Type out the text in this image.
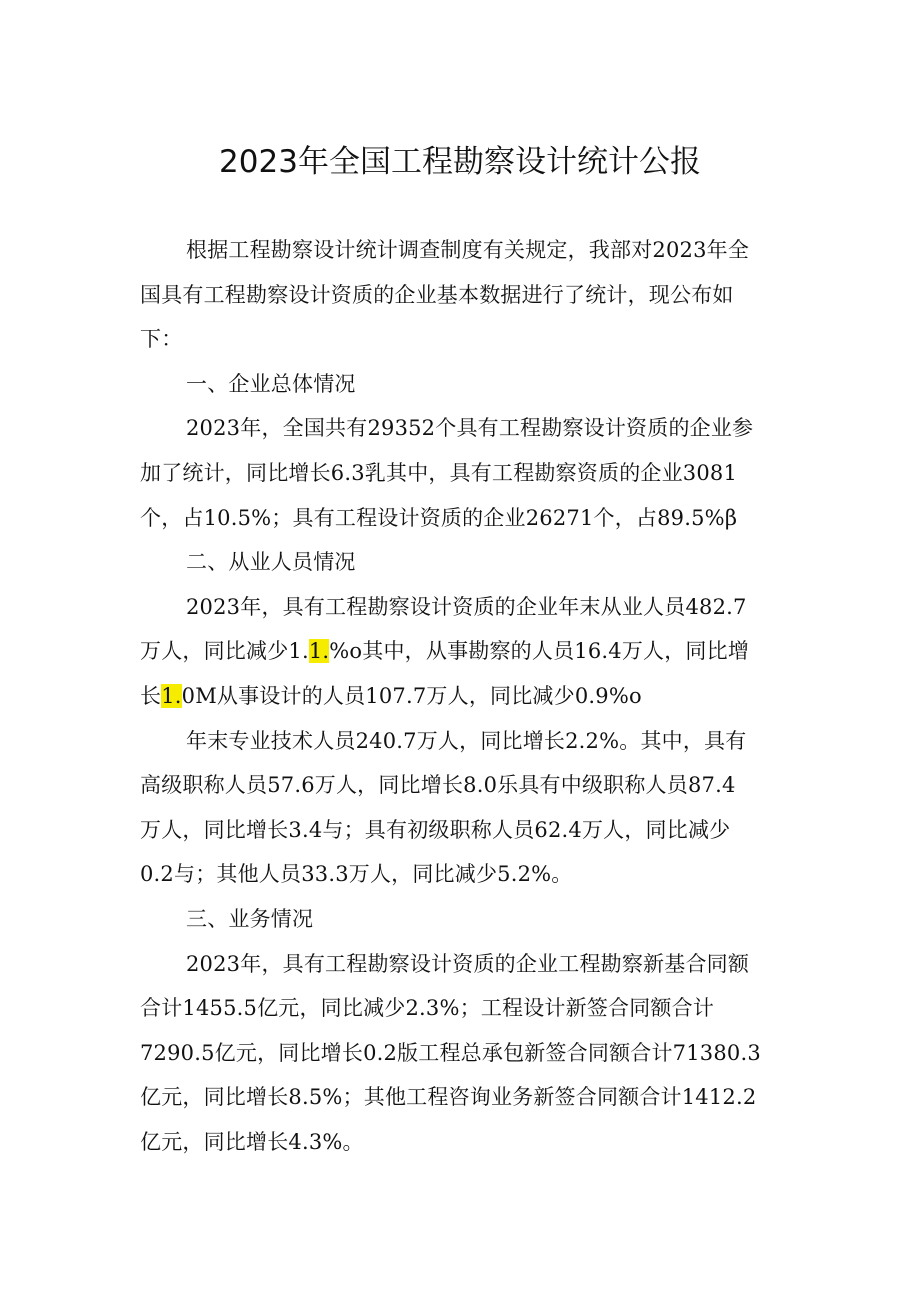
2023年全国工程勘察设计统计公报
根据工程勘察设计统计调查制度有关规定，我部对2023年全
国具有工程勘察设计资质的企业基本数据进行了统计，现公布如
下：
一、企业总体情况
2023年，全国共有29352个具有工程勘察设计资质的企业参
加了统计，同比增长6.3乳其中，具有工程勘察资质的企业3081
个，占10.5%；具有工程设计资质的企业26271个，占89.5%β
二、从业人员情况
2023年，具有工程勘察设计资质的企业年末从业人员482.7
万人，同比减少1.1.%o其中，从事勘察的人员16.4万人，同比增
长1.0M从事设计的人员107.7万人，同比减少0.9%o
年末专业技术人员240.7万人，同比增长2.2%。其中，具有
高级职称人员57.6万人，同比增长8.0乐具有中级职称人员87.4
万人，同比增长3.4与；具有初级职称人员62.4万人，同比减少
0.2与；其他人员33.3万人，同比减少5.2%。
三、业务情况
2023年，具有工程勘察设计资质的企业工程勘察新基合同额
合计1455.5亿元，同比减少2.3%；工程设计新签合同额合计
7290.5亿元，同比增长0.2版工程总承包新签合同额合计71380.3
亿元，同比增长8.5%；其他工程咨询业务新签合同额合计1412.2
亿元，同比增长4.3%。
